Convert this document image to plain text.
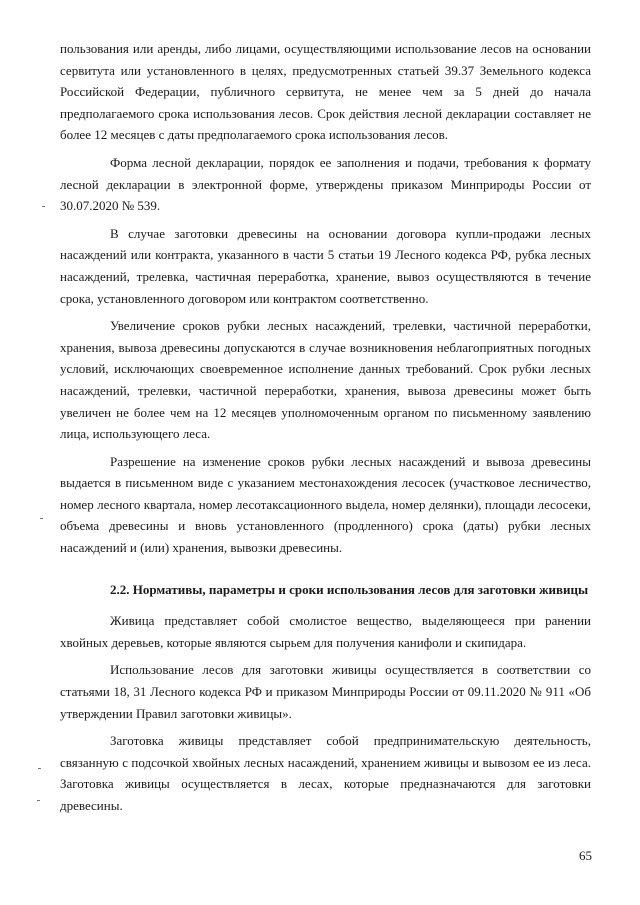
пользования или аренды, либо лицами, осуществляющими использование лесов на основании сервитута или установленного в целях, предусмотренных статьей 39.37 Земельного кодекса Российской Федерации, публичного сервитута, не менее чем за 5 дней до начала предполагаемого срока использования лесов. Срок действия лесной декларации составляет не более 12 месяцев с даты предполагаемого срока использования лесов.

Форма лесной декларации, порядок ее заполнения и подачи, требования к формату лесной декларации в электронной форме, утверждены приказом Минприроды России от 30.07.2020 № 539.

В случае заготовки древесины на основании договора купли-продажи лесных насаждений или контракта, указанного в части 5 статьи 19 Лесного кодекса РФ, рубка лесных насаждений, трелевка, частичная переработка, хранение, вывоз осуществляются в течение срока, установленного договором или контрактом соответственно.

Увеличение сроков рубки лесных насаждений, трелевки, частичной переработки, хранения, вывоза древесины допускаются в случае возникновения неблагоприятных погодных условий, исключающих своевременное исполнение данных требований. Срок рубки лесных насаждений, трелевки, частичной переработки, хранения, вывоза древесины может быть увеличен не более чем на 12 месяцев уполномоченным органом по письменному заявлению лица, использующего леса.

Разрешение на изменение сроков рубки лесных насаждений и вывоза древесины выдается в письменном виде с указанием местонахождения лесосек (участковое лесничество, номер лесного квартала, номер лесотаксационного выдела, номер делянки), площади лесосеки, объема древесины и вновь установленного (продленного) срока (даты) рубки лесных насаждений и (или) хранения, вывозки древесины.

2.2. Нормативы, параметры и сроки использования лесов для заготовки живицы

Живица представляет собой смолистое вещество, выделяющееся при ранении хвойных деревьев, которые являются сырьем для получения канифоли и скипидара.

Использование лесов для заготовки живицы осуществляется в соответствии со статьями 18, 31 Лесного кодекса РФ и приказом Минприроды России от 09.11.2020 № 911 «Об утверждении Правил заготовки живицы».

Заготовка живицы представляет собой предпринимательскую деятельность, связанную с подсочкой хвойных лесных насаждений, хранением живицы и вывозом ее из леса. Заготовка живицы осуществляется в лесах, которые предназначаются для заготовки древесины.

65
